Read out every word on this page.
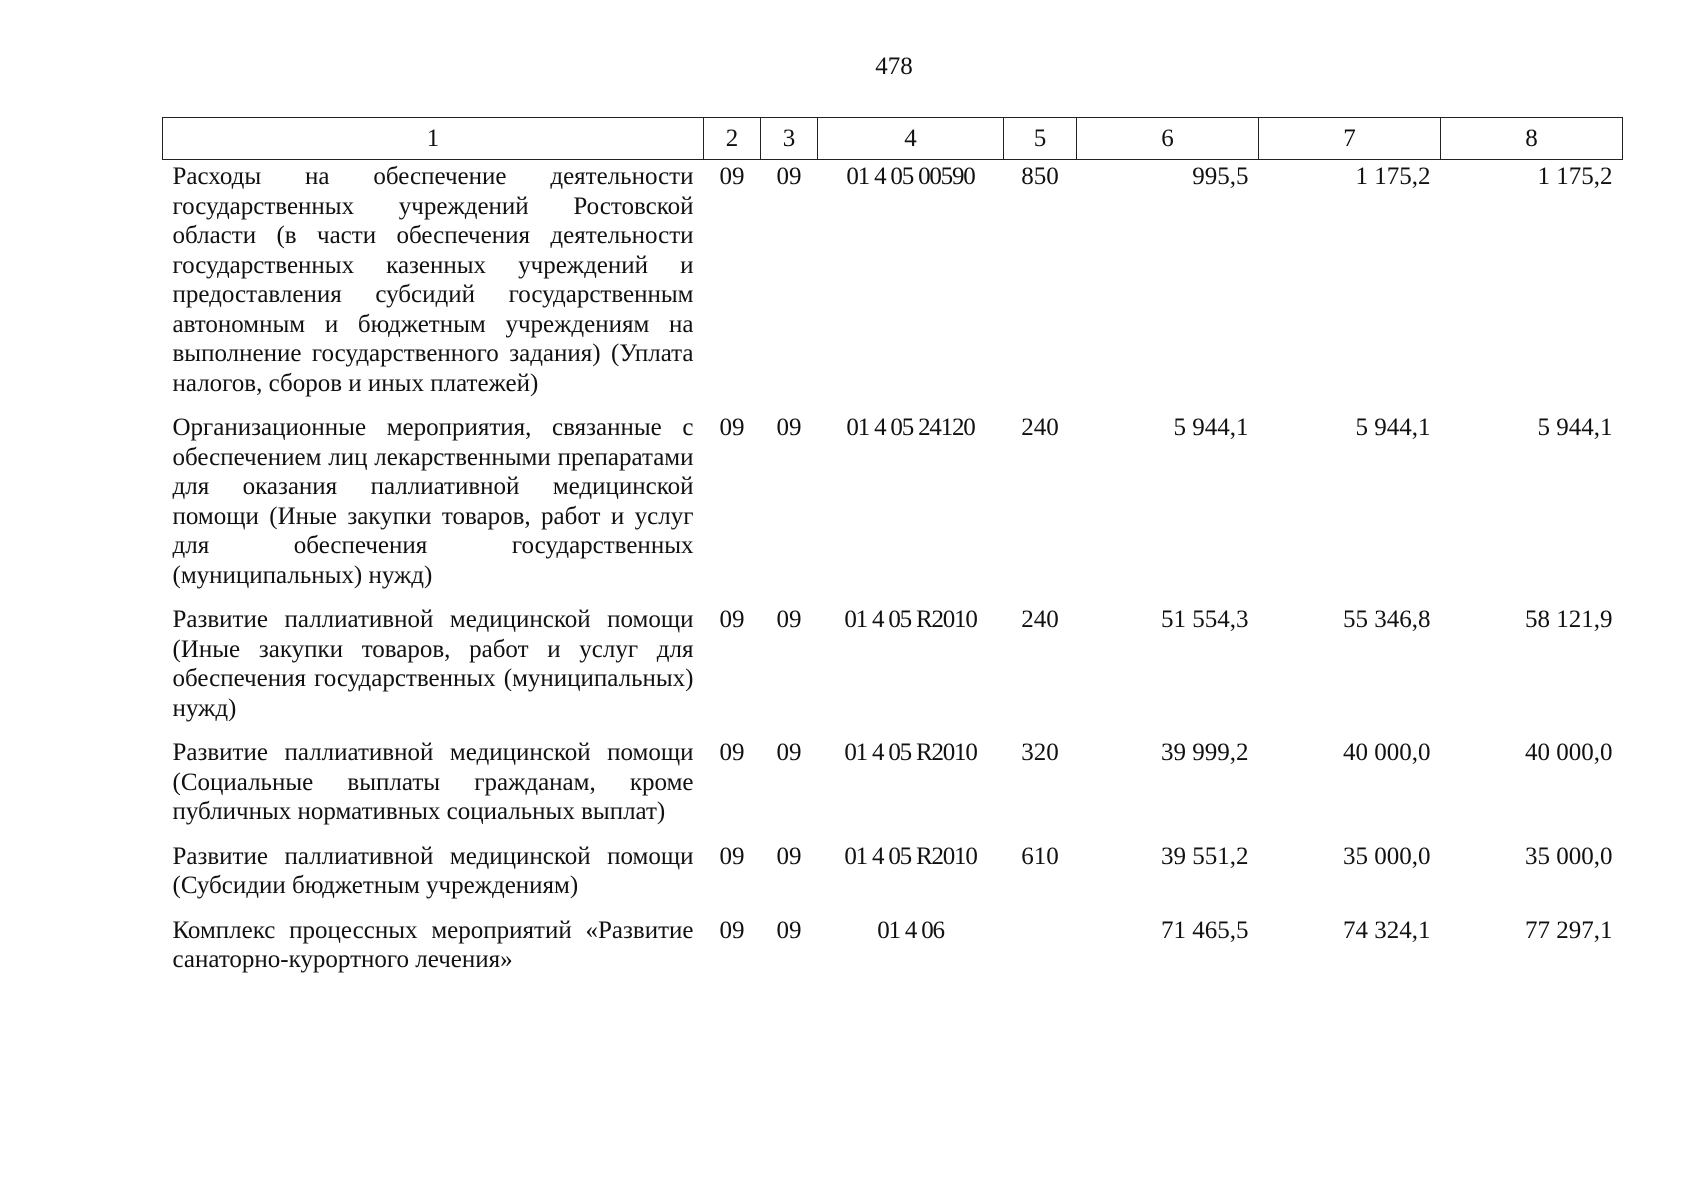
478
1	2	3	4	5	6	7	8
Расходы на обеспечение деятельности государственных учреждений Ростовской области (в части обеспечения деятельности государственных казенных учреждений и предоставления субсидий государственным автономным и бюджетным учреждениям на выполнение государственного задания) (Уплата налогов, сборов и иных платежей)	09	09	01 4 05 00590	850	995,5	1 175,2	1 175,2
Организационные мероприятия, связанные с обеспечением лиц лекарственными препаратами для оказания паллиативной медицинской помощи (Иные закупки товаров, работ и услуг для обеспечения государственных (муниципальных) нужд)	09	09	01 4 05 24120	240	5 944,1	5 944,1	5 944,1
Развитие паллиативной медицинской помощи (Иные закупки товаров, работ и услуг для обеспечения государственных (муниципальных) нужд)	09	09	01 4 05 R2010	240	51 554,3	55 346,8	58 121,9
Развитие паллиативной медицинской помощи (Социальные выплаты гражданам, кроме публичных нормативных социальных выплат)	09	09	01 4 05 R2010	320	39 999,2	40 000,0	40 000,0
Развитие паллиативной медицинской помощи (Субсидии бюджетным учреждениям)	09	09	01 4 05 R2010	610	39 551,2	35 000,0	35 000,0
Комплекс процессных мероприятий «Развитие санаторно-курортного лечения»	09	09	01 4 06		71 465,5	74 324,1	77 297,1
